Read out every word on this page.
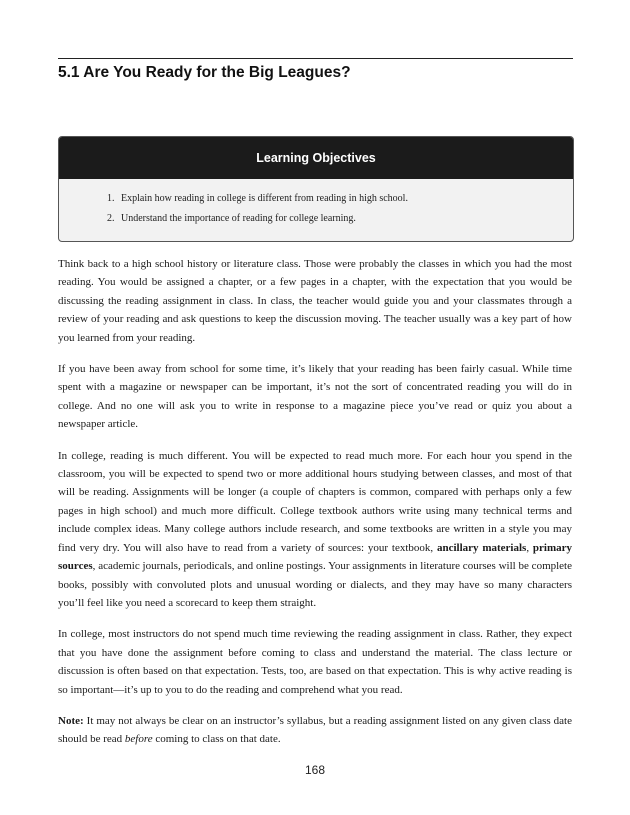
5.1 Are You Ready for the Big Leagues?
Learning Objectives
1. Explain how reading in college is different from reading in high school.
2. Understand the importance of reading for college learning.

Think back to a high school history or literature class. Those were probably the classes in which you had the most reading. You would be assigned a chapter, or a few pages in a chapter, with the expectation that you would be discussing the reading assignment in class. In class, the teacher would guide you and your classmates through a review of your reading and ask questions to keep the discussion moving. The teacher usually was a key part of how you learned from your reading.

If you have been away from school for some time, it’s likely that your reading has been fairly casual. While time spent with a magazine or newspaper can be important, it’s not the sort of concentrated reading you will do in college. And no one will ask you to write in response to a magazine piece you’ve read or quiz you about a newspaper article.

In college, reading is much different. You will be expected to read much more. For each hour you spend in the classroom, you will be expected to spend two or more additional hours studying between classes, and most of that will be reading. Assignments will be longer (a couple of chapters is common, compared with perhaps only a few pages in high school) and much more difficult. College textbook authors write using many technical terms and include complex ideas. Many college authors include research, and some textbooks are written in a style you may find very dry. You will also have to read from a variety of sources: your textbook, ancillary materials, primary sources, academic journals, periodicals, and online postings. Your assignments in literature courses will be complete books, possibly with convoluted plots and unusual wording or dialects, and they may have so many characters you’ll feel like you need a scorecard to keep them straight.

In college, most instructors do not spend much time reviewing the reading assignment in class. Rather, they expect that you have done the assignment before coming to class and understand the material. The class lecture or discussion is often based on that expectation. Tests, too, are based on that expectation. This is why active reading is so important—it’s up to you to do the reading and comprehend what you read.

Note: It may not always be clear on an instructor’s syllabus, but a reading assignment listed on any given class date should be read before coming to class on that date.

168
